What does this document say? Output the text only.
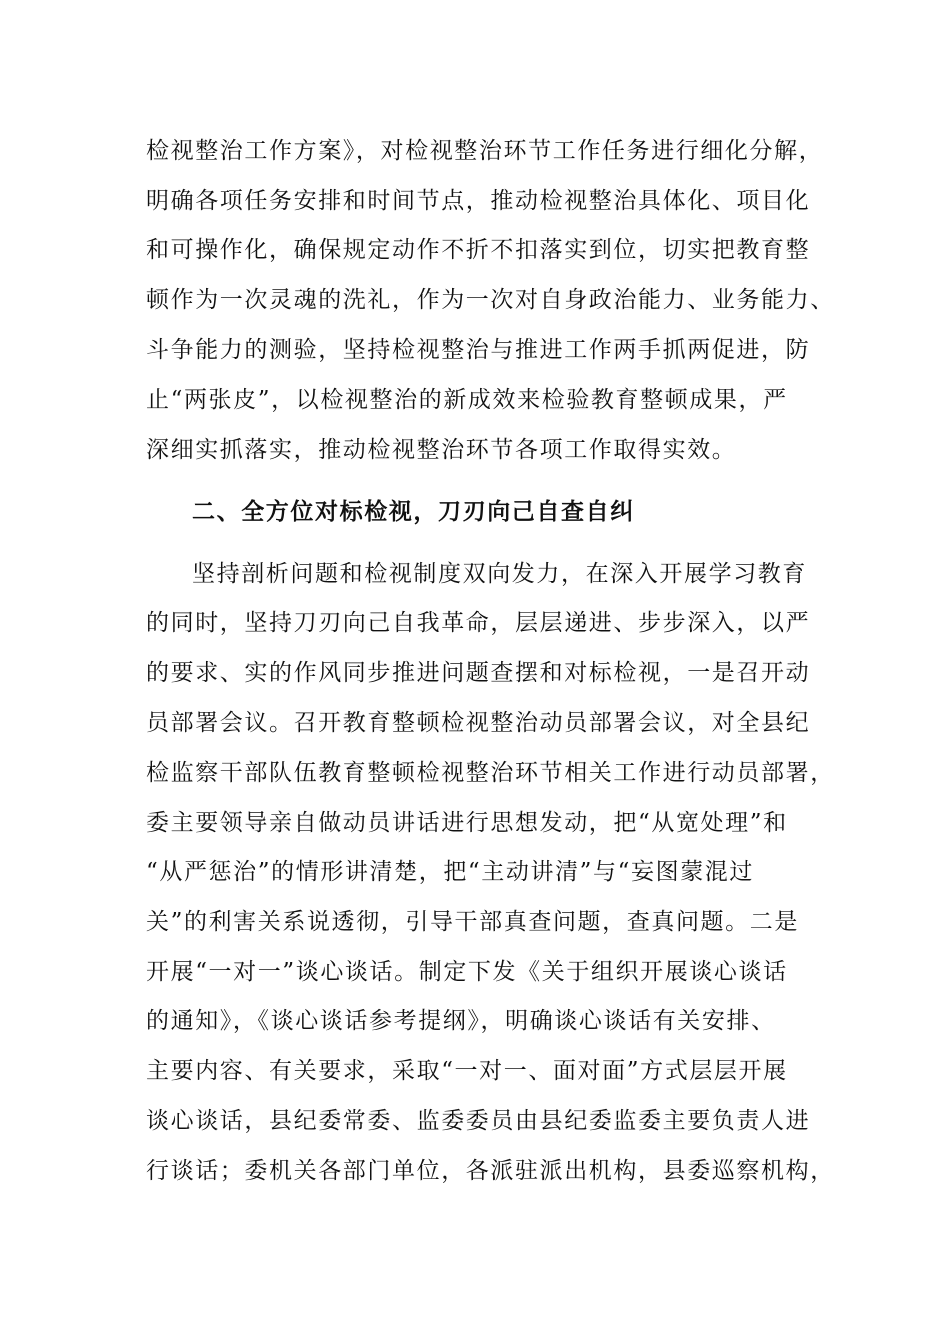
检视整治工作方案》，对检视整治环节工作任务进行细化分解，
明确各项任务安排和时间节点，推动检视整治具体化、项目化
和可操作化，确保规定动作不折不扣落实到位，切实把教育整
顿作为一次灵魂的洗礼，作为一次对自身政治能力、业务能力、
斗争能力的测验，坚持检视整治与推进工作两手抓两促进，防
止“两张皮”，以检视整治的新成效来检验教育整顿成果，严
深细实抓落实，推动检视整治环节各项工作取得实效。
二、全方位对标检视，刀刃向己自查自纠
坚持剖析问题和检视制度双向发力，在深入开展学习教育
的同时，坚持刀刃向己自我革命，层层递进、步步深入，以严
的要求、实的作风同步推进问题查摆和对标检视，一是召开动
员部署会议。召开教育整顿检视整治动员部署会议，对全县纪
检监察干部队伍教育整顿检视整治环节相关工作进行动员部署，
委主要领导亲自做动员讲话进行思想发动，把“从宽处理”和
“从严惩治”的情形讲清楚，把“主动讲清”与“妄图蒙混过
关”的利害关系说透彻，引导干部真查问题，查真问题。二是
开展“一对一”谈心谈话。制定下发《关于组织开展谈心谈话
的通知》，《谈心谈话参考提纲》，明确谈心谈话有关安排、
主要内容、有关要求，采取“一对一、面对面”方式层层开展
谈心谈话，县纪委常委、监委委员由县纪委监委主要负责人进
行谈话；委机关各部门单位，各派驻派出机构，县委巡察机构，
